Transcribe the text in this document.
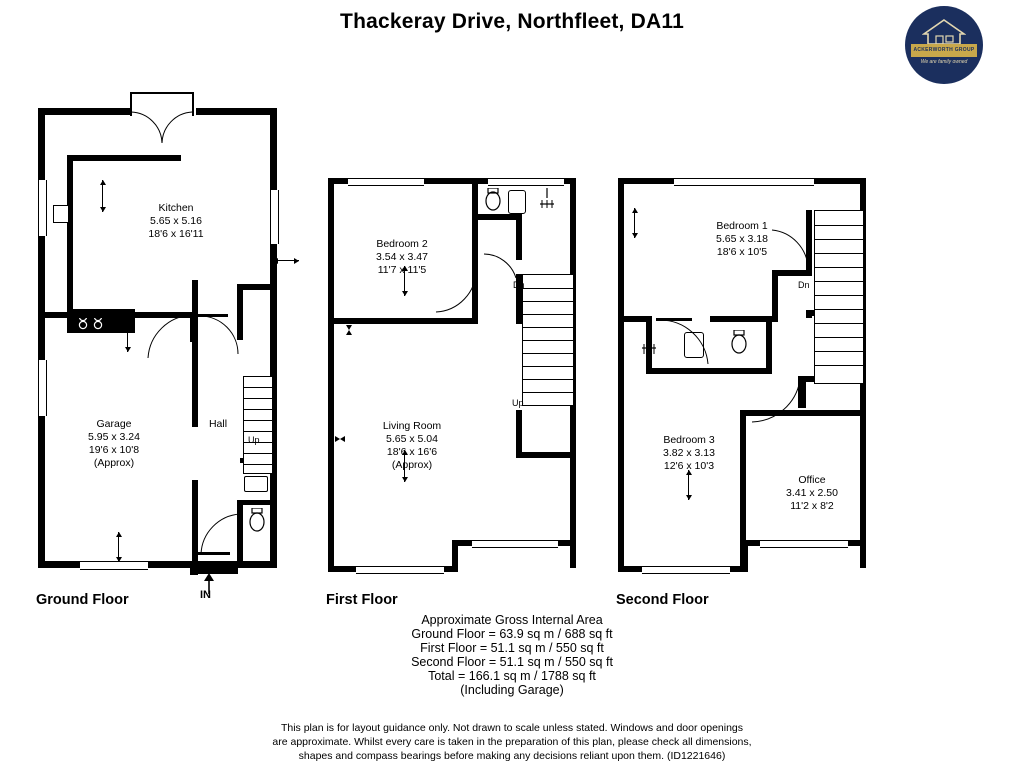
Thackeray Drive, Northfleet, DA11
ACKERWORTH GROUP
We are family owned
Up
Kitchen
5.65 x 5.16
18'6 x 16'11
Garage
5.95 x 3.24
19'6 x 10'8
(Approx)
Hall
Ground Floor	IN
Dn
Up
Bedroom 2
3.54 x 3.47
11'7 x 11'5
Living Room
5.65 x 5.04
18'6 x 16'6
(Approx)
First Floor
Dn
Bedroom 1
5.65 x 3.18
18'6 x 10'5
Bedroom 3
3.82 x 3.13
12'6 x 10'3
Office
3.41 x 2.50
11'2 x 8'2
Second Floor
Approximate Gross Internal Area
Ground Floor = 63.9 sq m / 688 sq ft
First Floor = 51.1 sq m / 550 sq ft
Second Floor = 51.1 sq m / 550 sq ft
Total = 166.1 sq m / 1788 sq ft
(Including Garage)
This plan is for layout guidance only. Not drawn to scale unless stated. Windows and door openings
are approximate. Whilst every care is taken in the preparation of this plan, please check all dimensions,
shapes and compass bearings before making any decisions reliant upon them. (ID1221646)
